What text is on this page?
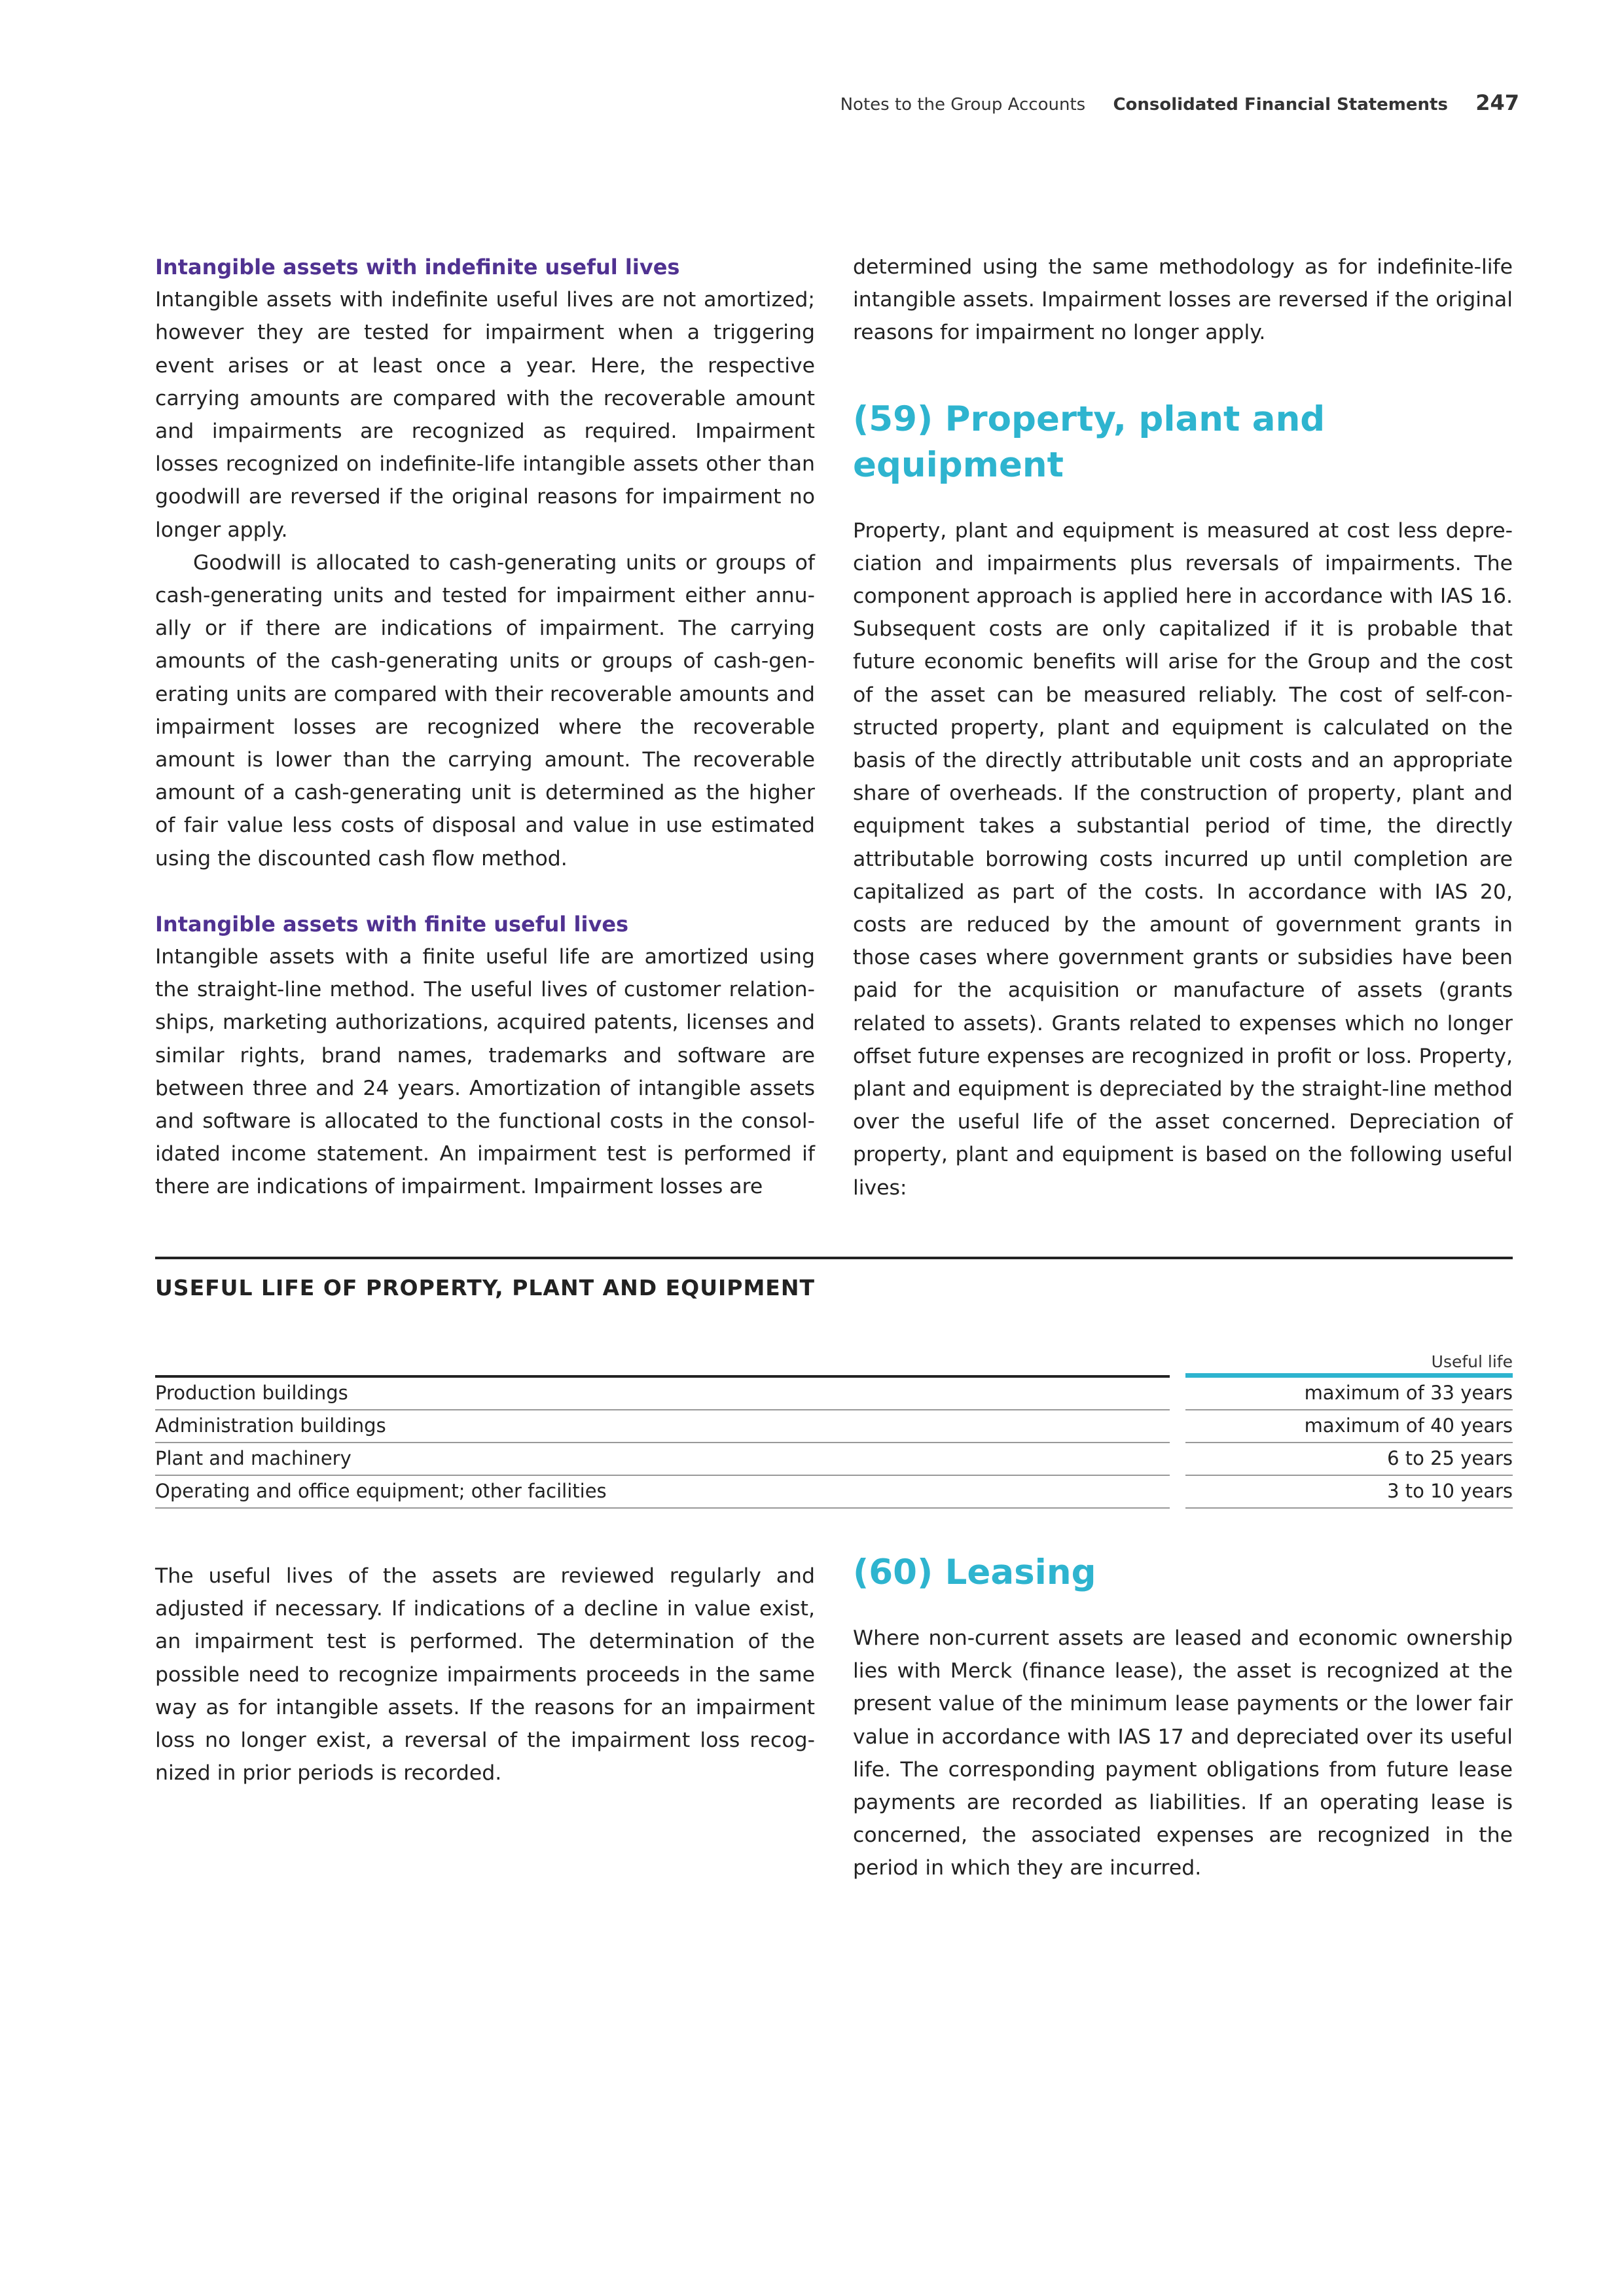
Notes to the Group Accounts Consolidated Financial Statements 247
Intangible assets with indefinite useful lives

Intangible assets with indefinite useful lives are not amortized; however they are tested for impairment when a triggering event arises or at least once a year. Here, the respective carrying amounts are compared with the recoverable amount and impairments are recognized as required. Impairment losses recognized on indefinite-life intangible assets other than goodwill are reversed if the original reasons for impairment no longer apply.

Goodwill is allocated to cash-generating units or groups of cash-generating units and tested for impairment either annually or if there are indications of impairment. The carrying amounts of the cash-generating units or groups of cash-generating units are compared with their recoverable amounts and impairment losses are recognized where the recoverable amount is lower than the carrying amount. The recoverable amount of a cash-generating unit is determined as the higher of fair value less costs of disposal and value in use estimated using the discounted cash flow method.

Intangible assets with finite useful lives

Intangible assets with a finite useful life are amortized using the straight-line method. The useful lives of customer relationships, marketing authorizations, acquired patents, licenses and similar rights, brand names, trademarks and software are between three and 24 years. Amortization of intangible assets and software is allocated to the functional costs in the consolidated income statement. An impairment test is performed if there are indications of impairment. Impairment losses are

determined using the same methodology as for indefinite-life intangible assets. Impairment losses are reversed if the original reasons for impairment no longer apply.

(59) Property, plant and equipment

Property, plant and equipment is measured at cost less depreciation and impairments plus reversals of impairments. The component approach is applied here in accordance with IAS 16. Subsequent costs are only capitalized if it is probable that future economic benefits will arise for the Group and the cost of the asset can be measured reliably. The cost of self-constructed property, plant and equipment is calculated on the basis of the directly attributable unit costs and an appropriate share of overheads. If the construction of property, plant and equipment takes a substantial period of time, the directly attributable borrowing costs incurred up until completion are capitalized as part of the costs. In accordance with IAS 20, costs are reduced by the amount of government grants in those cases where government grants or subsidies have been paid for the acquisition or manufacture of assets (grants related to assets). Grants related to expenses which no longer offset future expenses are recognized in profit or loss. Property, plant and equipment is depreciated by the straight-line method over the useful life of the asset concerned. Depreciation of property, plant and equipment is based on the following useful lives:

USEFUL LIFE OF PROPERTY, PLANT AND EQUIPMENT
Useful life
Production buildings	maximum of 33 years
Administration buildings	maximum of 40 years
Plant and machinery	6 to 25 years
Operating and office equipment; other facilities	3 to 10 years

The useful lives of the assets are reviewed regularly and adjusted if necessary. If indications of a decline in value exist, an impairment test is performed. The determination of the possible need to recognize impairments proceeds in the same way as for intangible assets. If the reasons for an impairment loss no longer exist, a reversal of the impairment loss recognized in prior periods is recorded.

(60) Leasing

Where non-current assets are leased and economic ownership lies with Merck (finance lease), the asset is recognized at the present value of the minimum lease payments or the lower fair value in accordance with IAS 17 and depreciated over its useful life. The corresponding payment obligations from future lease payments are recorded as liabilities. If an operating lease is concerned, the associated expenses are recognized in the period in which they are incurred.
